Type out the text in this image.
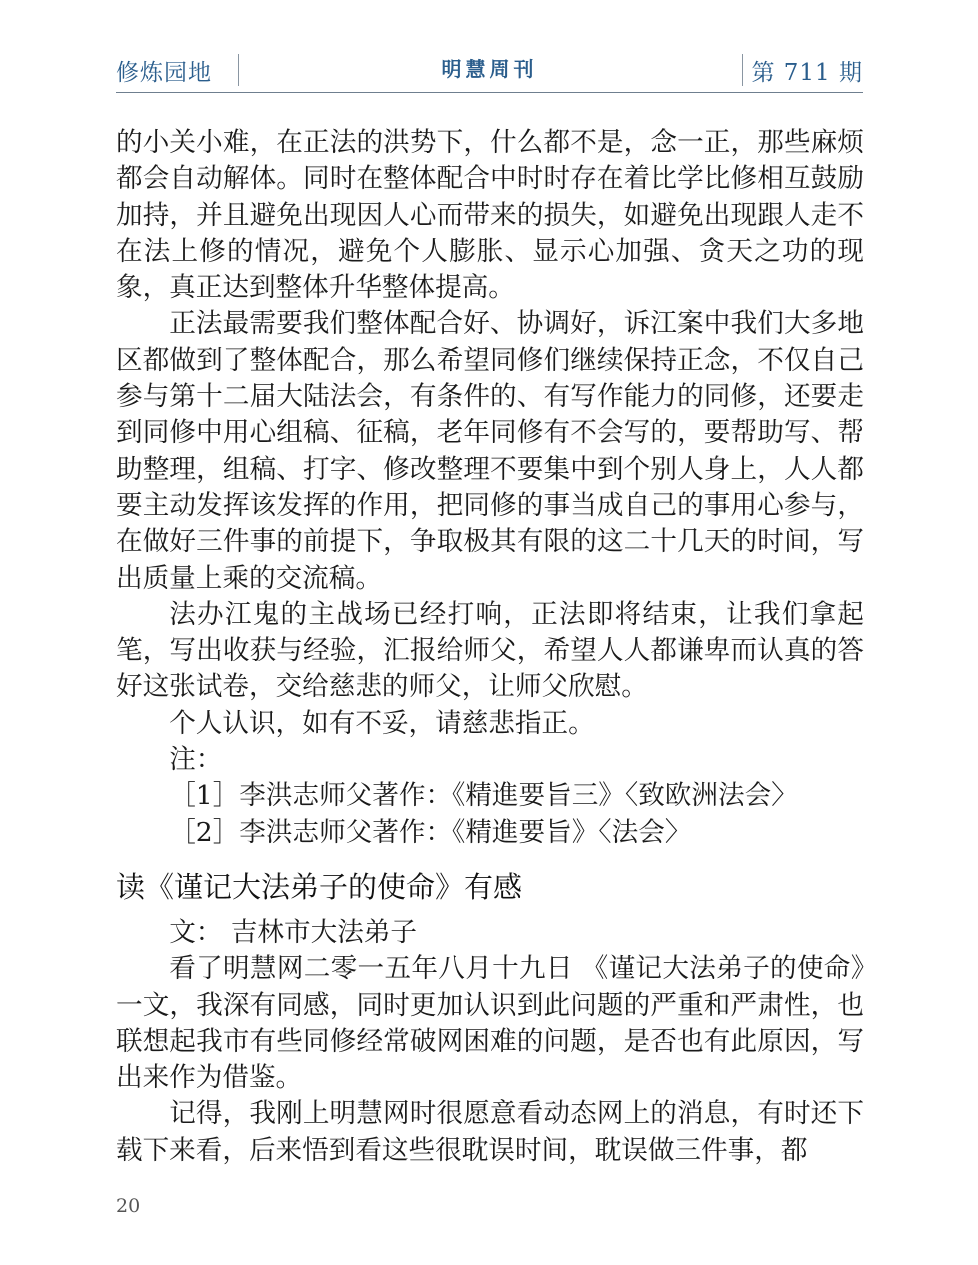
修炼园地	明慧周刊	第 711 期

的小关小难，在正法的洪势下，什么都不是，念一正，那些麻烦都会自动解体。同时在整体配合中时时存在着比学比修相互鼓励加持，并且避免出现因人心而带来的损失，如避免出现跟人走不在法上修的情况，避免个人膨胀、显示心加强、贪天之功的现象，真正达到整体升华整体提高。

正法最需要我们整体配合好、协调好，诉江案中我们大多地区都做到了整体配合，那么希望同修们继续保持正念，不仅自己参与第十二届大陆法会，有条件的、有写作能力的同修，还要走到同修中用心组稿、征稿，老年同修有不会写的，要帮助写、帮助整理，组稿、打字、修改整理不要集中到个别人身上，人人都要主动发挥该发挥的作用，把同修的事当成自己的事用心参与，在做好三件事的前提下，争取极其有限的这二十几天的时间，写出质量上乘的交流稿。

法办江鬼的主战场已经打响，正法即将结束，让我们拿起笔，写出收获与经验，汇报给师父，希望人人都谦卑而认真的答好这张试卷，交给慈悲的师父，让师父欣慰。

个人认识，如有不妥，请慈悲指正。

注：

［1］李洪志师父著作：《精進要旨三》〈致欧洲法会〉

［2］李洪志师父著作：《精進要旨》〈法会〉

读《谨记大法弟子的使命》有感

文： 吉林市大法弟子

看了明慧网二零一五年八月十九日 《谨记大法弟子的使命》一文，我深有同感，同时更加认识到此问题的严重和严肃性，也联想起我市有些同修经常破网困难的问题，是否也有此原因，写出来作为借鉴。

记得，我刚上明慧网时很愿意看动态网上的消息，有时还下载下来看，后来悟到看这些很耽误时间，耽误做三件事，都

20
